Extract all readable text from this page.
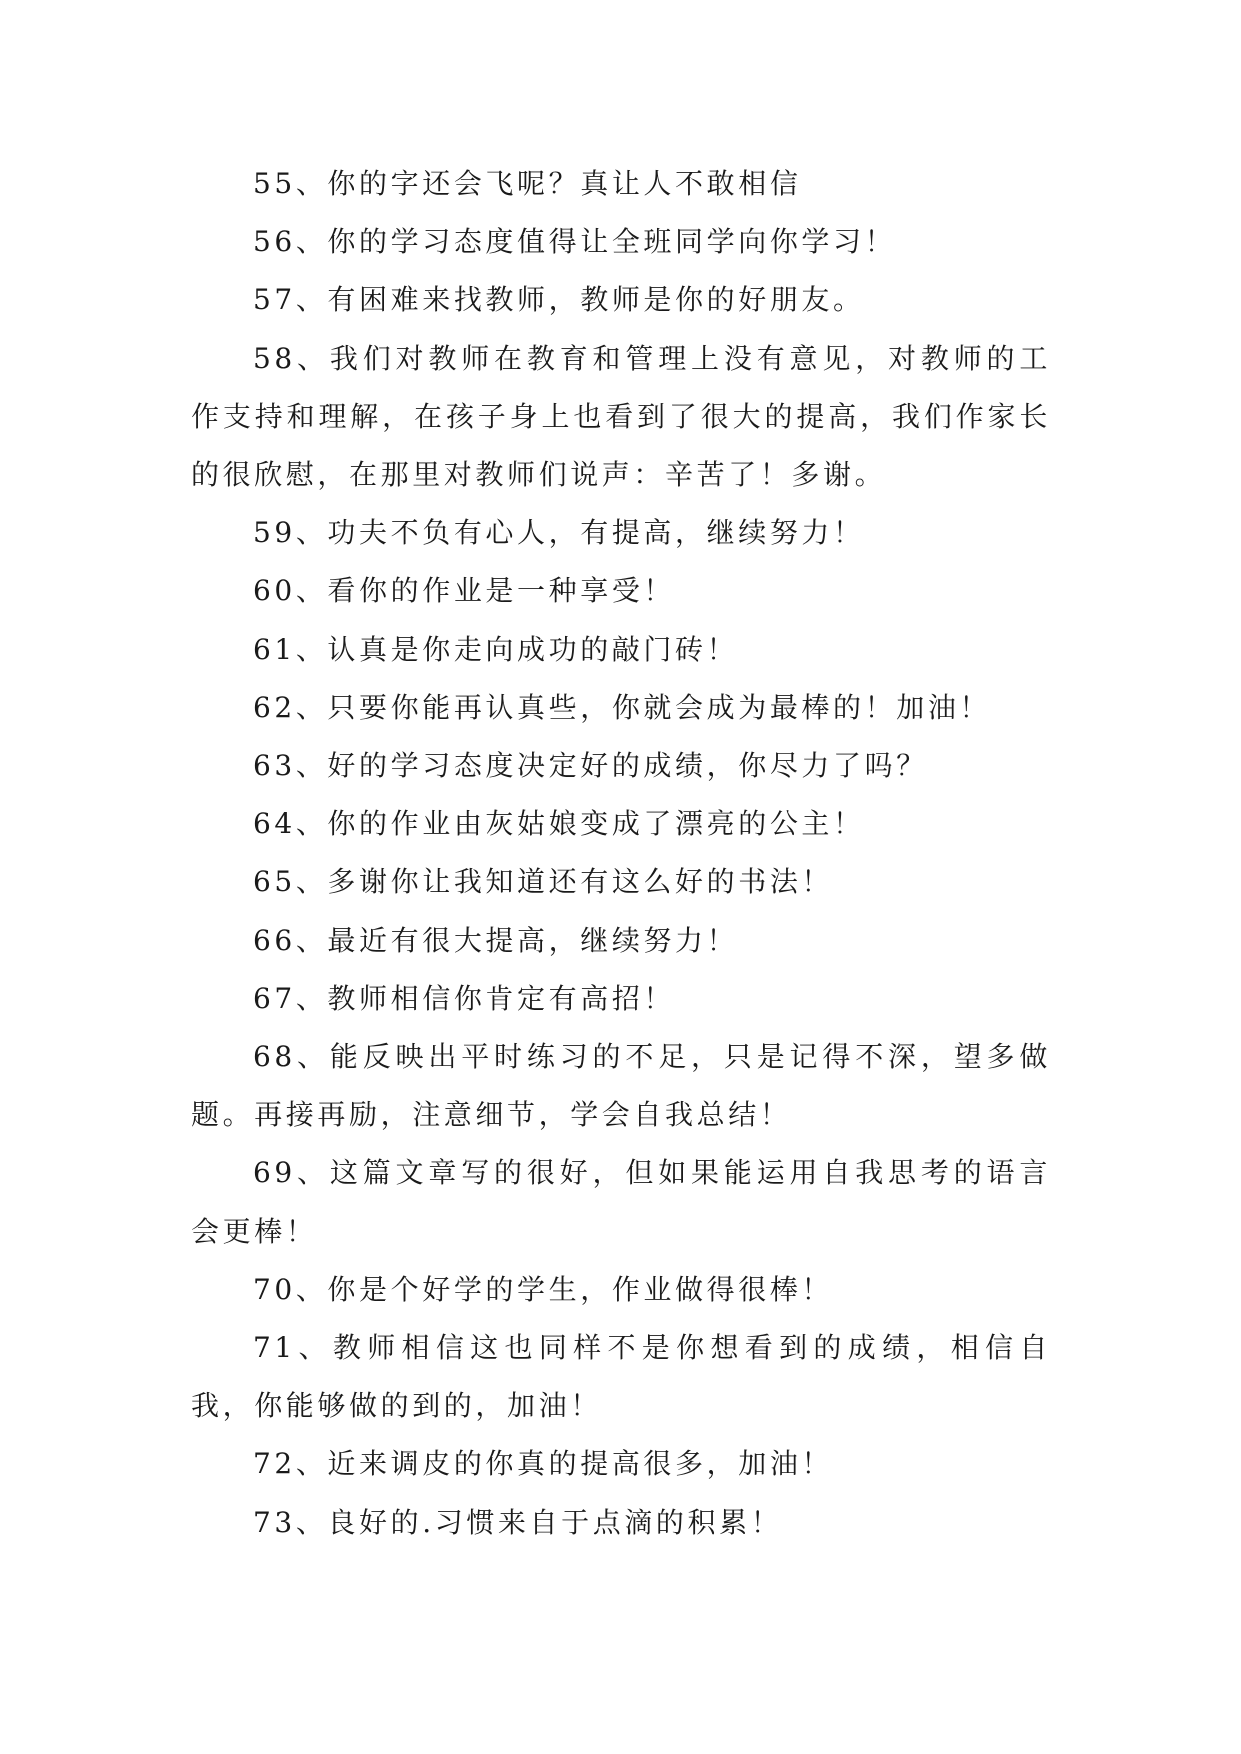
55、你的字还会飞呢？真让人不敢相信

56、你的学习态度值得让全班同学向你学习！

57、有困难来找教师，教师是你的好朋友。

58、我们对教师在教育和管理上没有意见，对教师的工作支持和理解，在孩子身上也看到了很大的提高，我们作家长的很欣慰，在那里对教师们说声：辛苦了！多谢。

59、功夫不负有心人，有提高，继续努力！

60、看你的作业是一种享受！

61、认真是你走向成功的敲门砖！

62、只要你能再认真些，你就会成为最棒的！加油！

63、好的学习态度决定好的成绩，你尽力了吗？

64、你的作业由灰姑娘变成了漂亮的公主！

65、多谢你让我知道还有这么好的书法！

66、最近有很大提高，继续努力！

67、教师相信你肯定有高招！

68、能反映出平时练习的不足，只是记得不深，望多做题。再接再励，注意细节，学会自我总结！

69、这篇文章写的很好，但如果能运用自我思考的语言会更棒！

70、你是个好学的学生，作业做得很棒！

71、教师相信这也同样不是你想看到的成绩，相信自我，你能够做的到的，加油！

72、近来调皮的你真的提高很多，加油！

73、良好的.习惯来自于点滴的积累！
